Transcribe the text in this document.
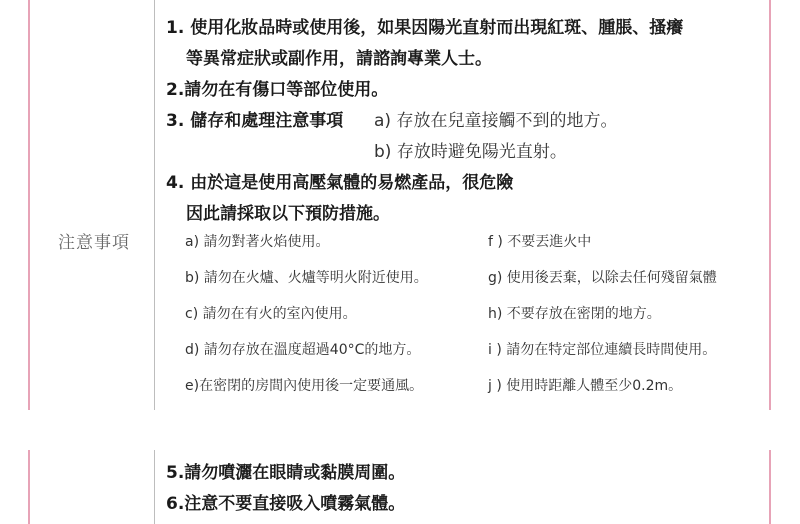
注意事項
1. 使用化妝品時或使用後，如果因陽光直射而出現紅斑、腫脹、搔癢
等異常症狀或副作用，請諮詢專業人士。
2.請勿在有傷口等部位使用。
3. 儲存和處理注意事項 a) 存放在兒童接觸不到的地方。
b) 存放時避免陽光直射。
4. 由於這是使用高壓氣體的易燃產品，很危險
因此請採取以下預防措施。
a) 請勿對著火焰使用。
b) 請勿在火爐、火爐等明火附近使用。
c) 請勿在有火的室內使用。
d) 請勿存放在溫度超過40°C的地方。
e)在密閉的房間內使用後一定要通風。
f ) 不要丟進火中
g) 使用後丟棄，以除去任何殘留氣體
h) 不要存放在密閉的地方。
i ) 請勿在特定部位連續長時間使用。
j ) 使用時距離人體至少0.2m。
5.請勿噴灑在眼睛或黏膜周圍。
6.注意不要直接吸入噴霧氣體。
